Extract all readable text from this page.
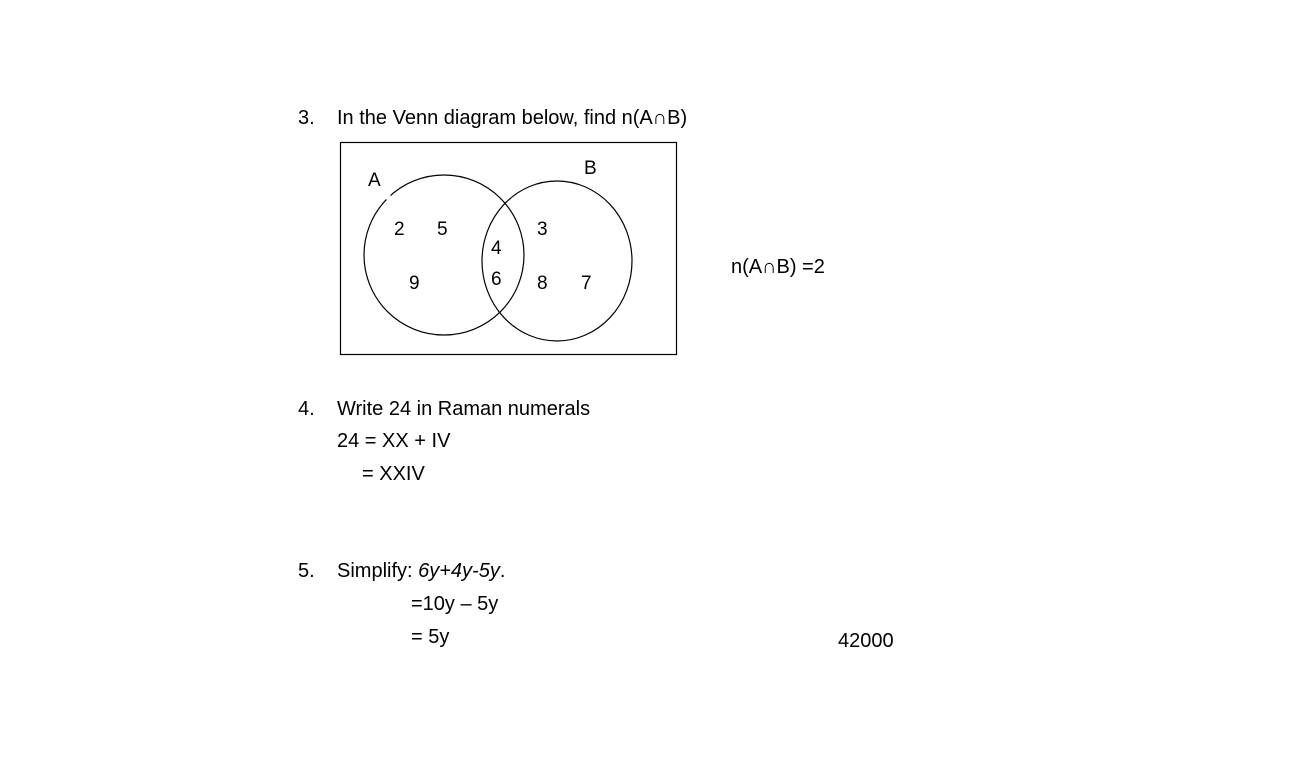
3. In the Venn diagram below, find n(A∩B)
A
B
2 5
9
4
6
3
8 7
n(A∩B) =2
4. Write 24 in Raman numerals
24 = XX + IV
= XXIV
5. Simplify: 6y+4y-5y.
=10y – 5y
= 5y	42000
